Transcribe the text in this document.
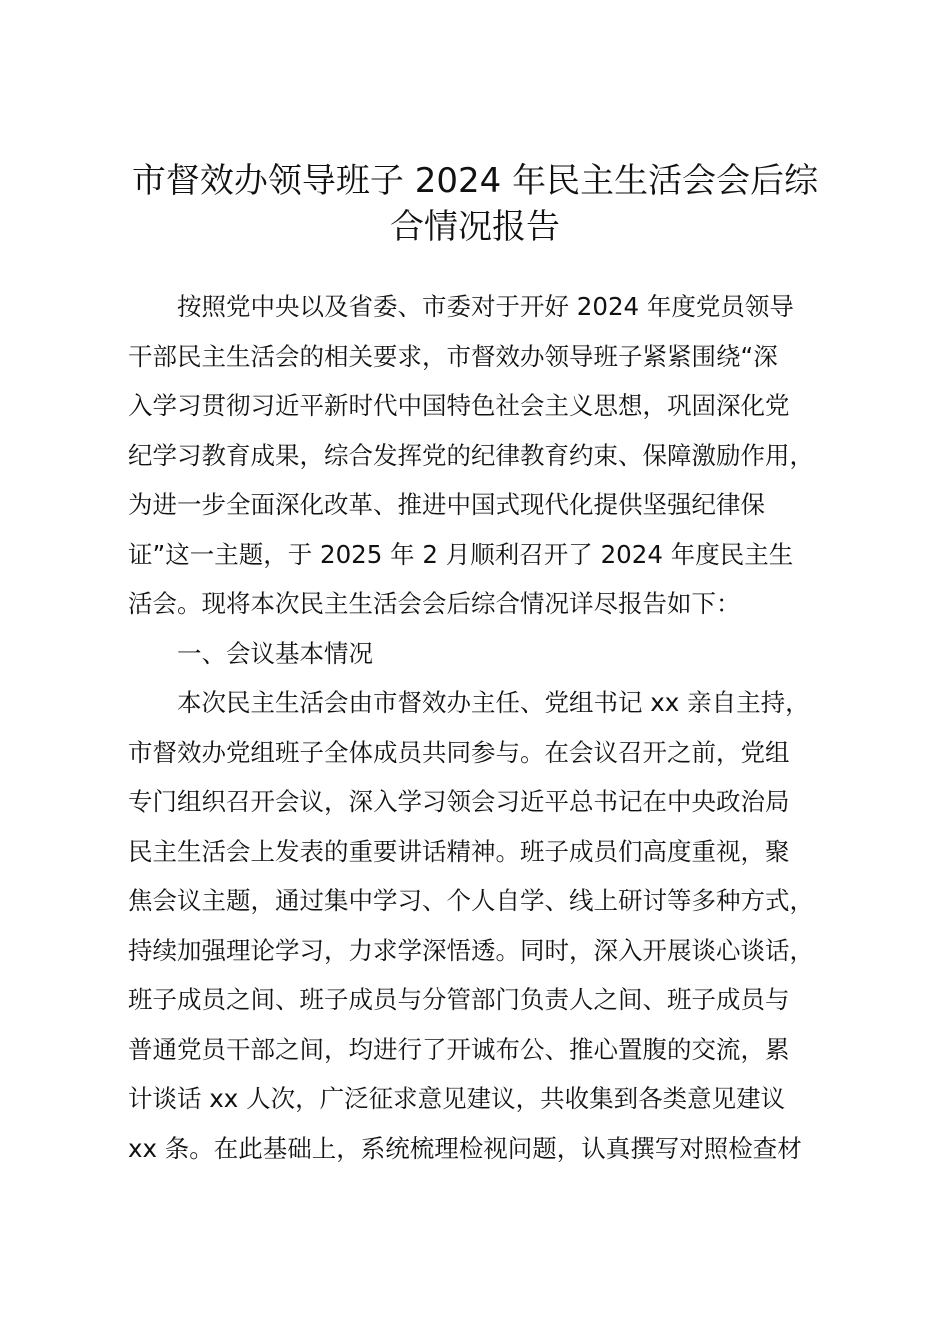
市督效办领导班子 2024 年民主生活会会后综
合情况报告
按照党中央以及省委、市委对于开好 2024 年度党员领导
干部民主生活会的相关要求，市督效办领导班子紧紧围绕“深
入学习贯彻习近平新时代中国特色社会主义思想，巩固深化党
纪学习教育成果，综合发挥党的纪律教育约束、保障激励作用，
为进一步全面深化改革、推进中国式现代化提供坚强纪律保
证”这一主题，于 2025 年 2 月顺利召开了 2024 年度民主生
活会。现将本次民主生活会会后综合情况详尽报告如下：
一、会议基本情况
本次民主生活会由市督效办主任、党组书记 xx 亲自主持，
市督效办党组班子全体成员共同参与。在会议召开之前，党组
专门组织召开会议，深入学习领会习近平总书记在中央政治局
民主生活会上发表的重要讲话精神。班子成员们高度重视，聚
焦会议主题，通过集中学习、个人自学、线上研讨等多种方式，
持续加强理论学习，力求学深悟透。同时，深入开展谈心谈话，
班子成员之间、班子成员与分管部门负责人之间、班子成员与
普通党员干部之间，均进行了开诚布公、推心置腹的交流，累
计谈话 xx 人次，广泛征求意见建议，共收集到各类意见建议
xx 条。在此基础上，系统梳理检视问题，认真撰写对照检查材
